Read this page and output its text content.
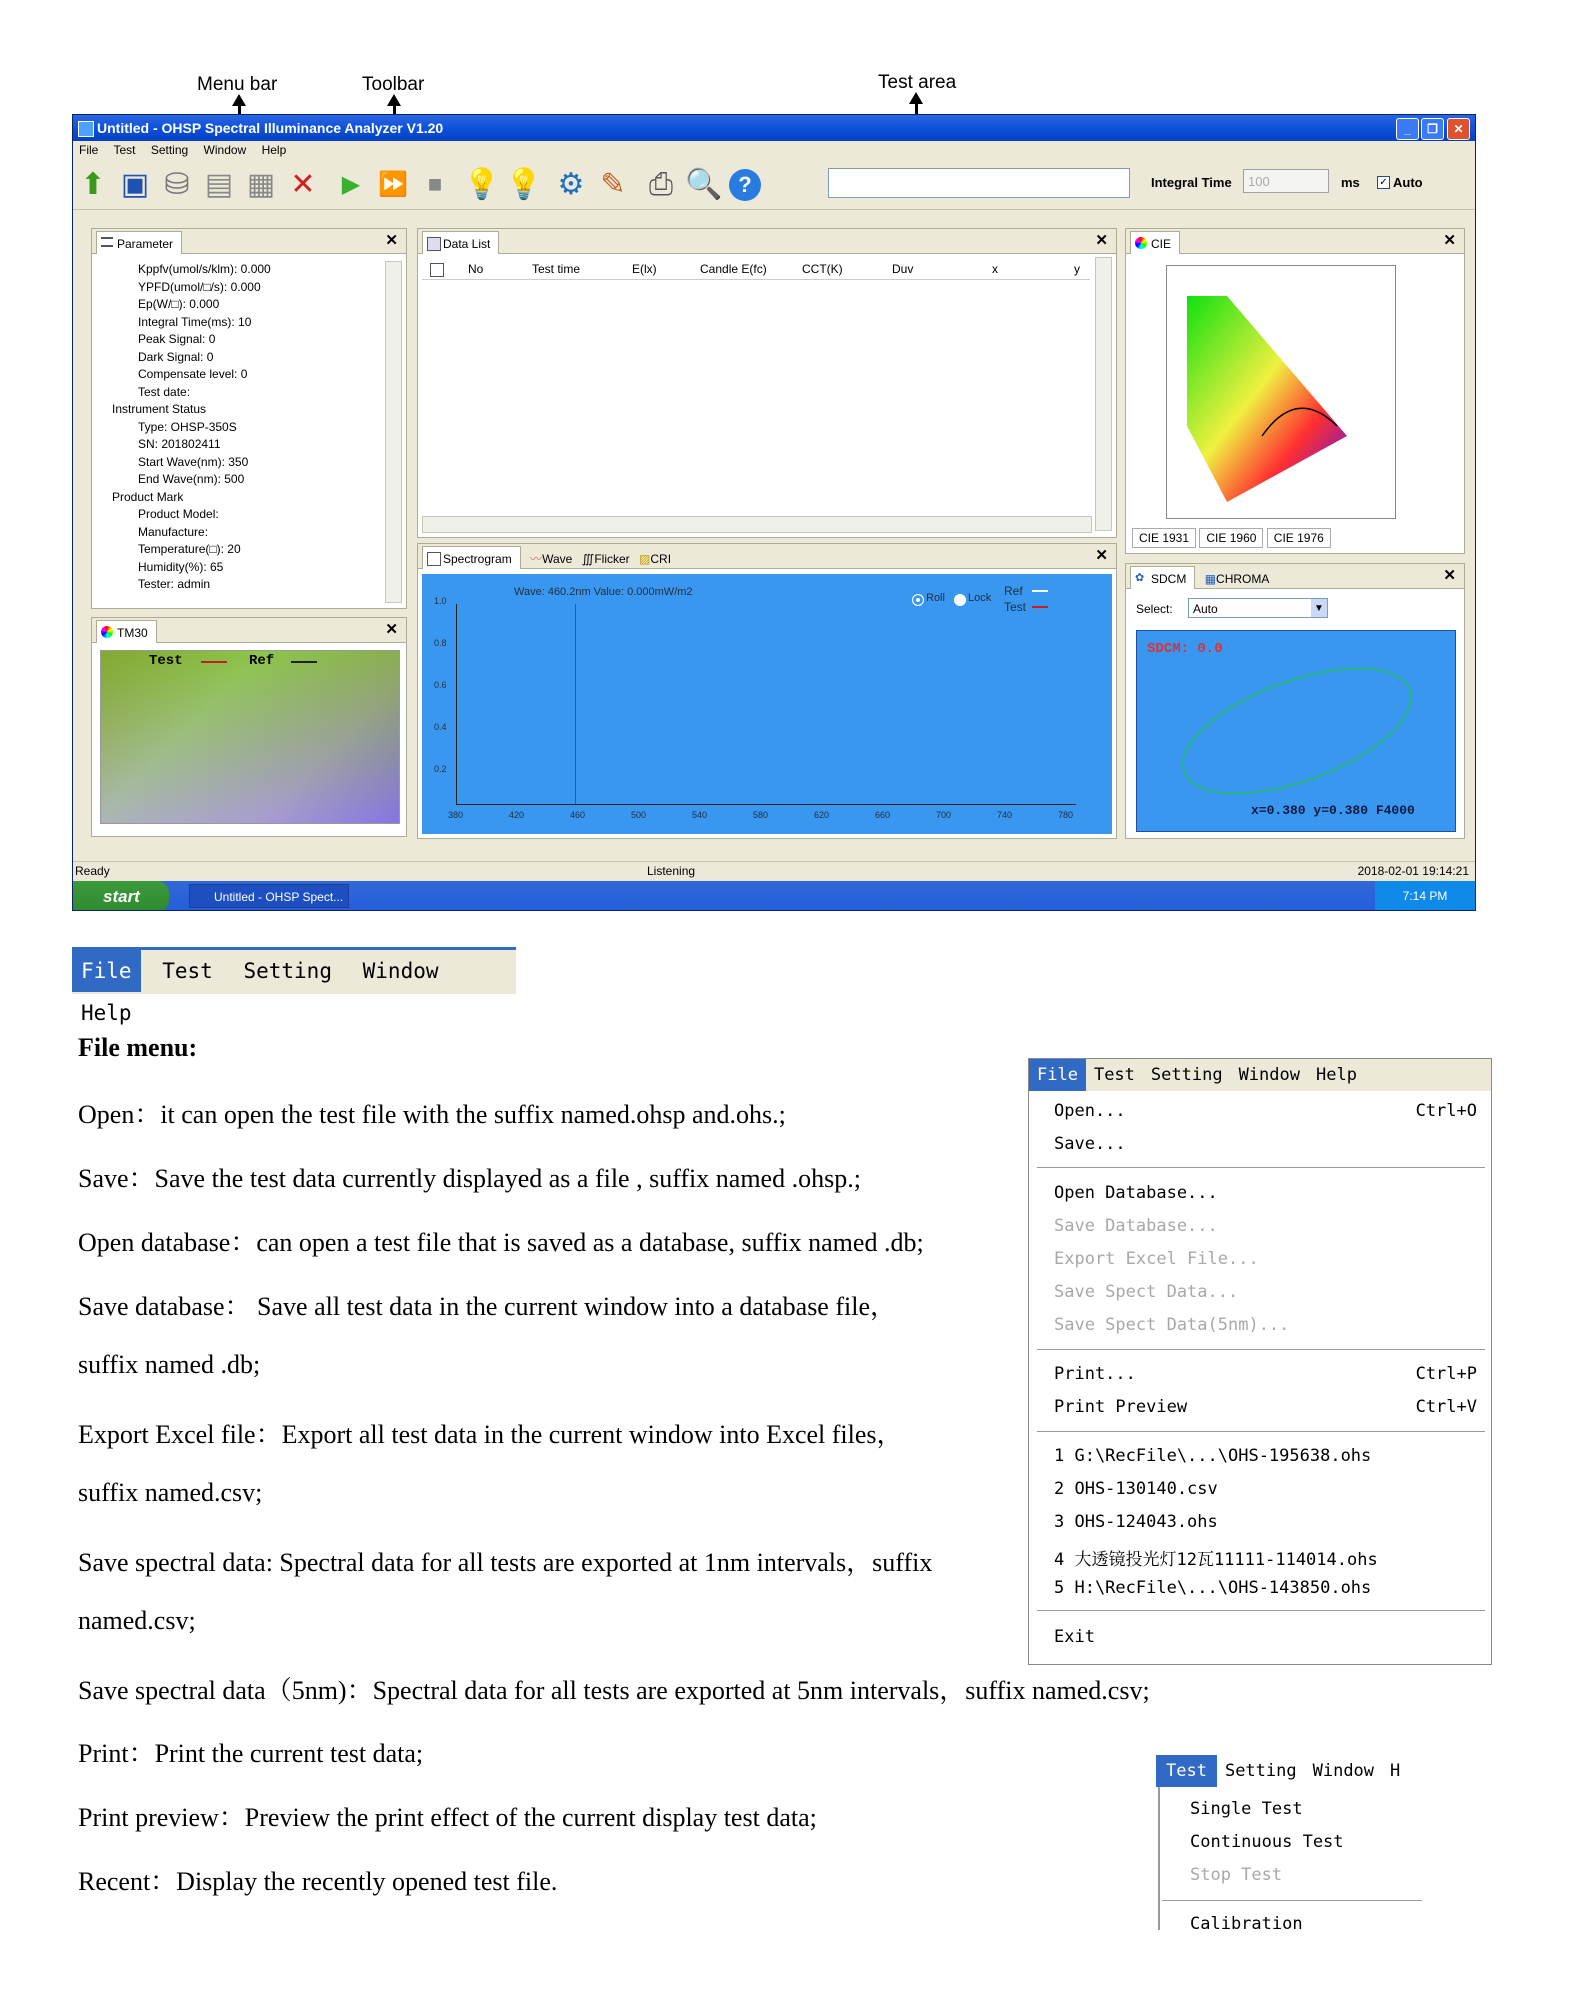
Menu bar	Toolbar	Test area
Untitled - OHSP Spectral Illuminance Analyzer V1.20	_	❐	✕
File Test Setting Window Help
⬆ ▣ ⛁ ▤ ▦ ✕	▶ ⏩ ■ 💡 💡 ⚙ ✎ ⎙ 🔍 ?	Integral Time	100	ms ✓ Auto
Parameter	✕
Kppfv(umol/s/klm): 0.000
YPFD(umol/□/s): 0.000
Ep(W/□): 0.000
Integral Time(ms): 10
Peak Signal: 0
Dark Signal: 0
Compensate level: 0
Test date:
Instrument Status
Type: OHSP-350S
SN: 201802411
Start Wave(nm): 350
End Wave(nm): 500
Product Mark
Product Model:
Manufacture:
Temperature(□): 20
Humidity(%): 65
Tester: admin
TM30	✕
Test	Ref
Data List	✕
No	Test time	E(lx)	Candle E(fc)	CCT(K)	Duv	x	y
Spectrogram 〰Wave ∭Flicker ▨CRI	✕
Wave: 460.2nm Value: 0.000mW/m2	Roll Lock Ref
Test
1.0
0.8
0.6
0.4
0.2
380	420	460	500	540	580	620	660	700	740	780
CIE	✕
CIE 1931 CIE 1960 CIE 1976
✿ SDCM ▦CHROMA	✕
Select:	Auto	▼
SDCM: 0.0
x=0.380 y=0.380 F4000
Ready	Listening	2018-02-01 19:14:21
start	Untitled - OHSP Spect...	7:14 PM
File Test Setting Window Help
File menu:
Open：it can open the test file with the suffix named.ohsp and.ohs.;
Save：Save the test data currently displayed as a file , suffix named .ohsp.;
Open database：can open a test file that is saved as a database, suffix named .db;
Save database： Save all test data in the current window into a database file，
suffix named .db;
Export Excel file：Export all test data in the current window into Excel files，
suffix named.csv;
Save spectral data: Spectral data for all tests are exported at 1nm intervals，suffix
named.csv;
Save spectral data（5nm)：Spectral data for all tests are exported at 5nm intervals，suffix named.csv;
Print：Print the current test data;
Print preview：Preview the print effect of the current display test data;
Recent：Display the recently opened test file.
File Test Setting Window Help
Open...	Ctrl+O
Save...
Open Database...
Save Database...
Export Excel File...
Save Spect Data...
Save Spect Data(5nm)...
Print...	Ctrl+P
Print Preview	Ctrl+V
1 G:\RecFile\...\OHS-195638.ohs
2 OHS-130140.csv
3 OHS-124043.ohs
4 大透镜投光灯12瓦11111-114014.ohs
5 H:\RecFile\...\OHS-143850.ohs
Exit
Test Setting Window H
Single Test
Continuous Test
Stop Test
Calibration
